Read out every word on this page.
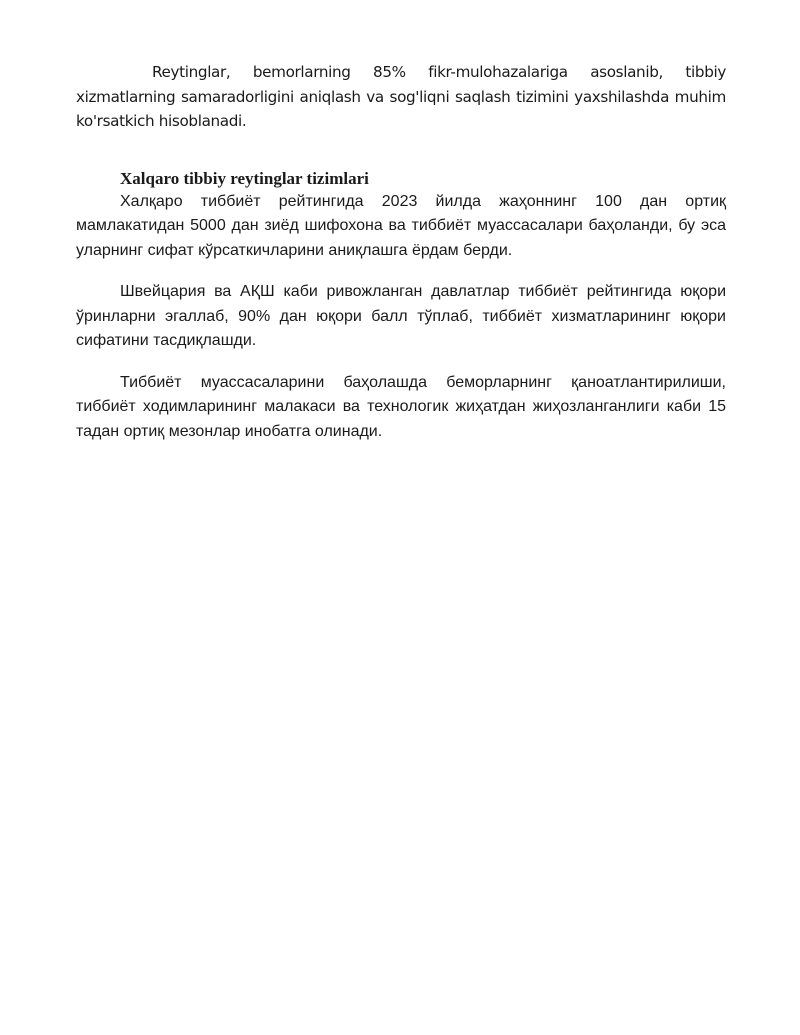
Reytinglar, bemorlarning 85% fikr-mulohazalariga asoslanib, tibbiy xizmatlarning samaradorligini aniqlash va sog'liqni saqlash tizimini yaxshilashda muhim ko'rsatkich hisoblanadi.

Xalqaro tibbiy reytinglar tizimlari

Халқаро тиббиёт рейтингида 2023 йилда жаҳоннинг 100 дан ортиқ мамлакатидан 5000 дан зиёд шифохона ва тиббиёт муассасалари баҳоланди, бу эса уларнинг сифат кўрсаткичларини аниқлашга ёрдам берди.

Швейцария ва АҚШ каби ривожланган давлатлар тиббиёт рейтингида юқори ўринларни эгаллаб, 90% дан юқори балл тўплаб, тиббиёт хизматларининг юқори сифатини тасдиқлашди.

Тиббиёт муассасаларини баҳолашда беморларнинг қаноатлантирилиши, тиббиёт ходимларининг малакаси ва технологик жиҳатдан жиҳозланганлиги каби 15 тадан ортиқ мезонлар инобатга олинади.
